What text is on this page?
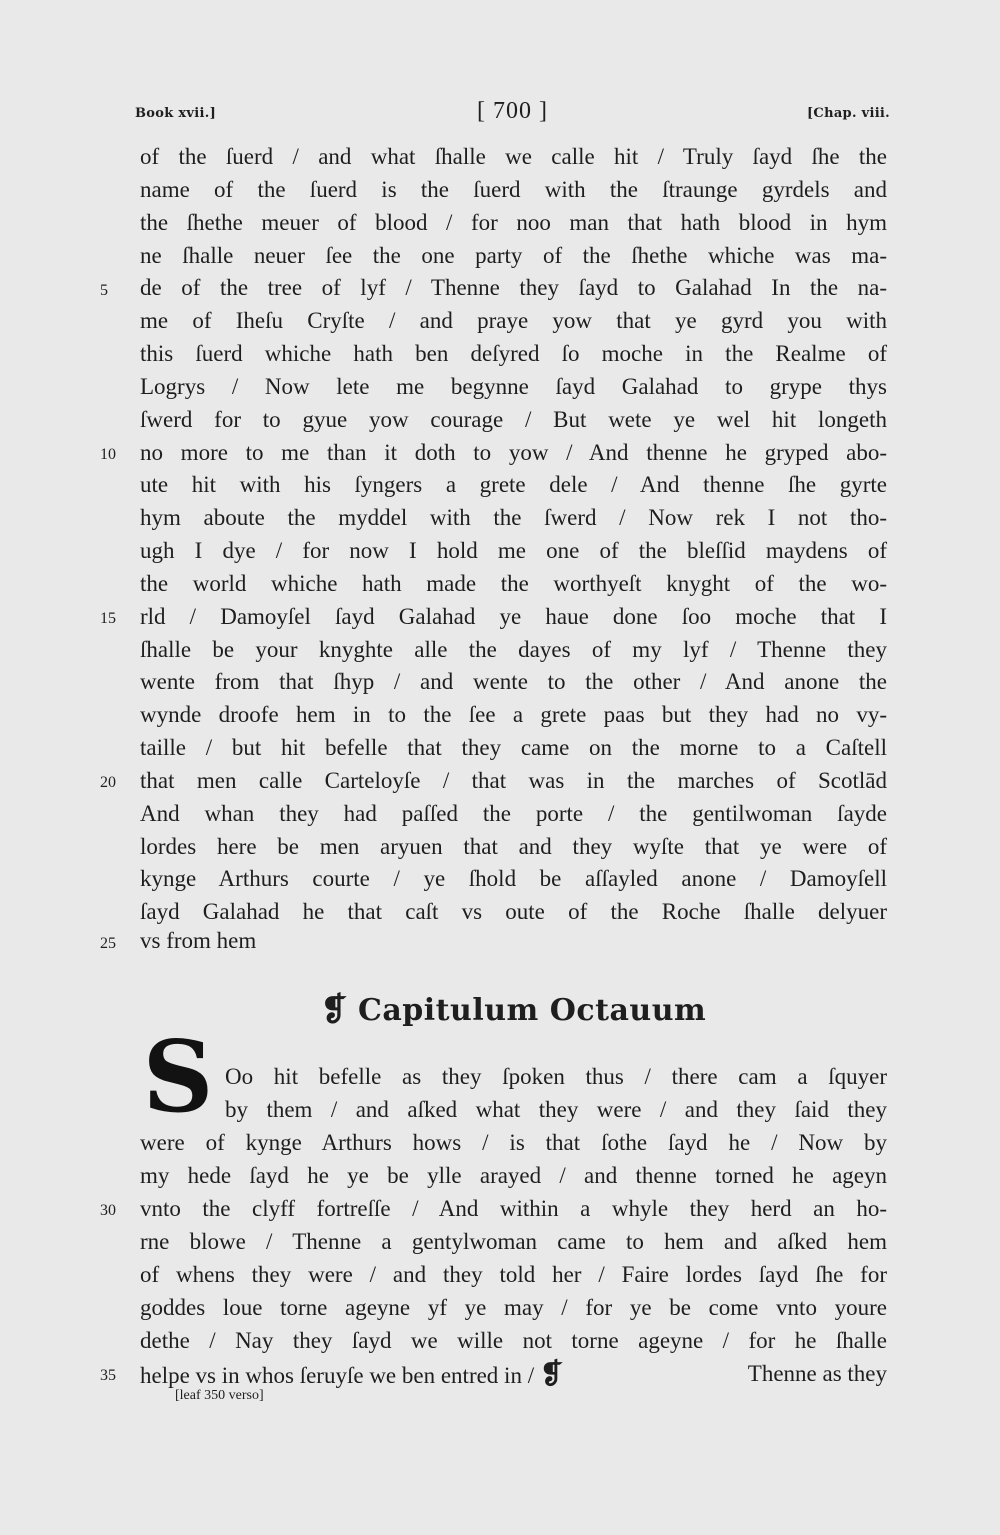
Book xvii.]	[ 700 ]	[Chap. viii.
of the ſuerd / and what ſhalle we calle hit / Truly ſayd ſhe the
name of the ſuerd is the ſuerd with the ſtraunge gyrdels and
the ſhethe meuer of blood / for noo man that hath blood in hym
ne ſhalle neuer ſee the one party of the ſhethe whiche was ma-
de of the tree of lyf / Thenne they ſayd to Galahad In the na-
me of Iheſu Cryſte / and praye yow that ye gyrd you with
this ſuerd whiche hath ben deſyred ſo moche in the Realme of
Logrys / Now lete me begynne ſayd Galahad to grype thys
ſwerd for to gyue yow courage / But wete ye wel hit longeth
no more to me than it doth to yow / And thenne he gryped abo-
ute hit with his ſyngers a grete dele / And thenne ſhe gyrte
hym aboute the myddel with the ſwerd / Now rek I not tho-
ugh I dye / for now I hold me one of the bleſſid maydens of
the world whiche hath made the worthyeſt knyght of the wo-
rld / Damoyſel ſayd Galahad ye haue done ſoo moche that I
ſhalle be your knyghte alle the dayes of my lyf / Thenne they
wente from that ſhyp / and wente to the other / And anone the
wynde droofe hem in to the ſee a grete paas but they had no vy-
taille / but hit befelle that they came on the morne to a Caſtell
that men calle Carteloyſe / that was in the marches of Scotlād
And whan they had paſſed the porte / the gentilwoman ſayde
lordes here be men aryuen that and they wyſte that ye were of
kynge Arthurs courte / ye ſhold be aſſayled anone / Damoyſell
ſayd Galahad he that caſt vs oute of the Roche ſhalle delyuer
vs from hem
5
10
15
20
25
❡ Capitulum Octauum
S Oo hit befelle as they ſpoken thus / there cam a ſquyer
by them / and aſked what they were / and they ſaid they
were of kynge Arthurs hows / is that ſothe ſayd he / Now by
my hede ſayd he ye be ylle arayed / and thenne torned he ageyn
vnto the clyff fortreſſe / And within a whyle they herd an ho-
rne blowe / Thenne a gentylwoman came to hem and aſked hem
of whens they were / and they told her / Faire lordes ſayd ſhe for
goddes loue torne ageyne yf ye may / for ye be come vnto youre
dethe / Nay they ſayd we wille not torne ageyne / for he ſhalle
helpe vs in whos ſeruyſe we ben entred in / ❡	Thenne as they
30
35
[leaf 350 verso]
